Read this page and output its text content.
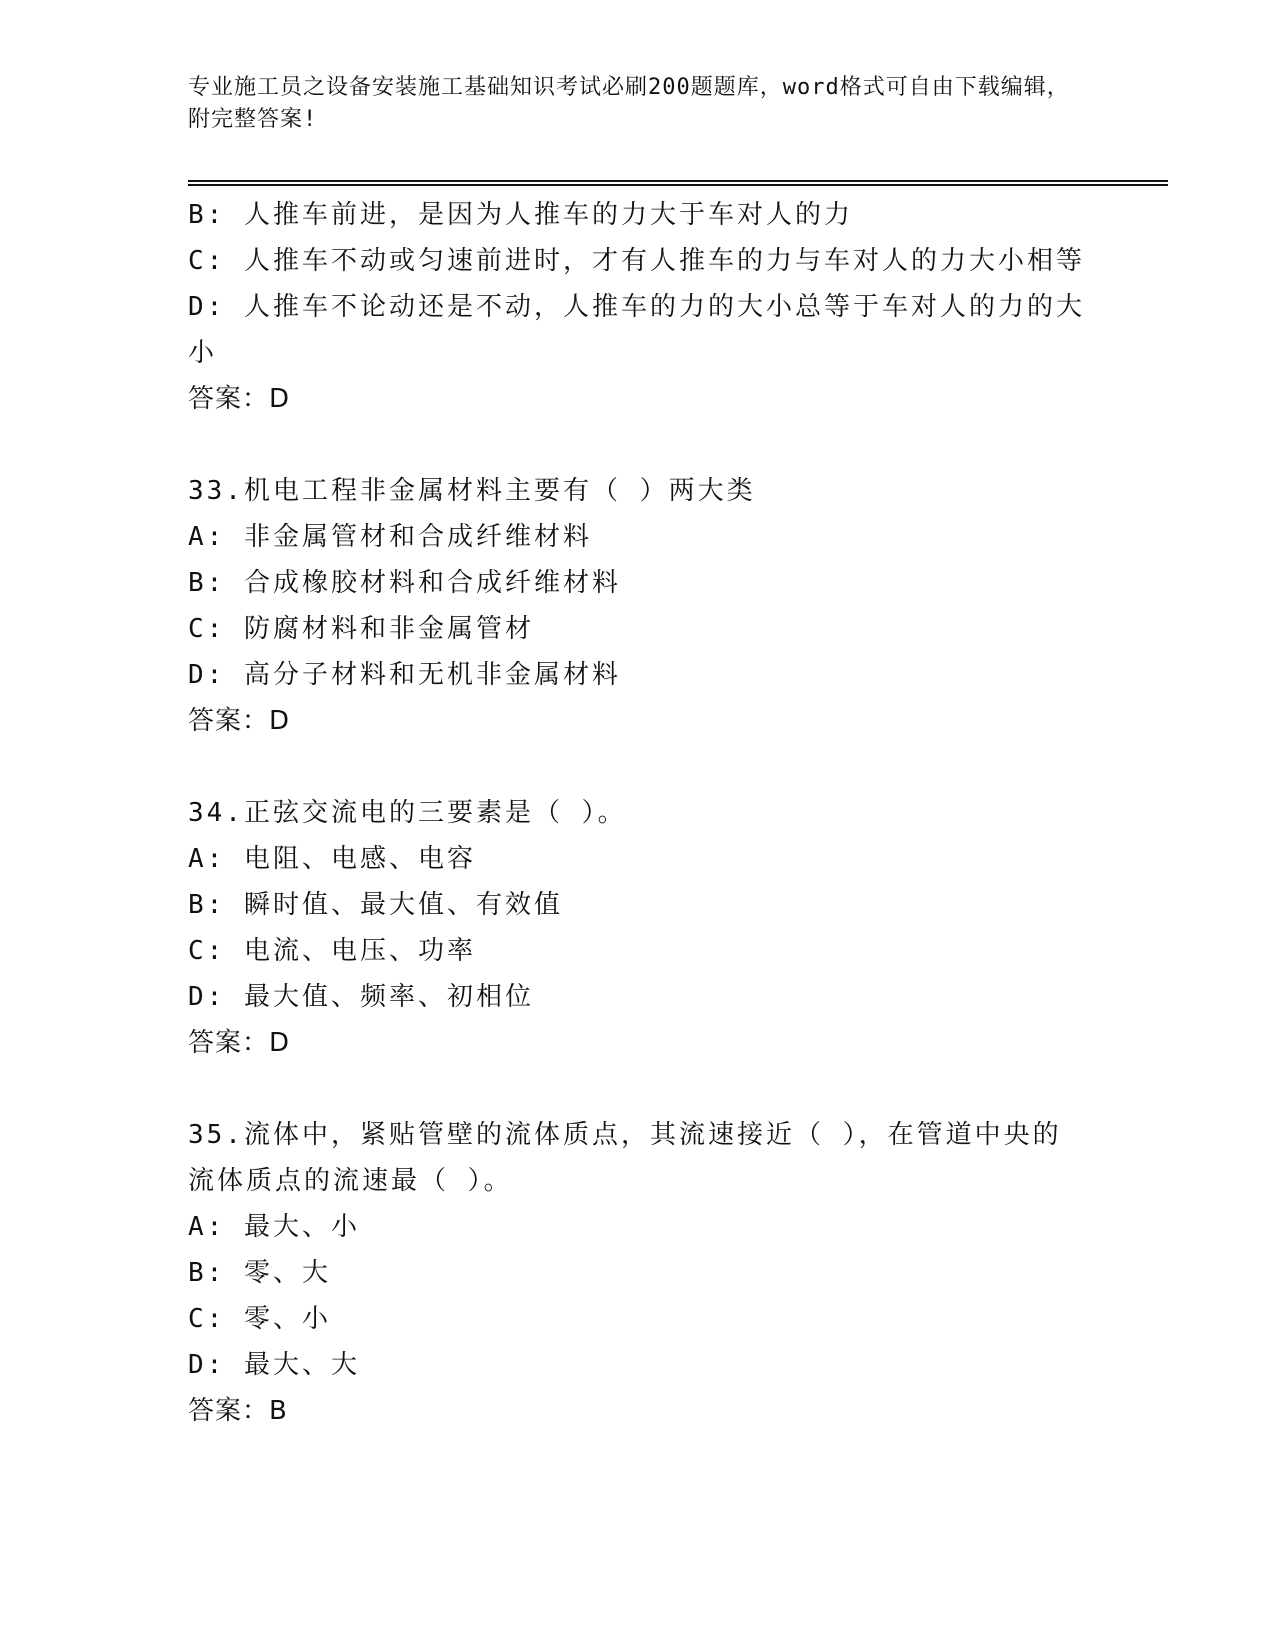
专业施工员之设备安装施工基础知识考试必刷200题题库，word格式可自由下载编辑，附完整答案!

B: 人推车前进，是因为人推车的力大于车对人的力
C: 人推车不动或匀速前进时，才有人推车的力与车对人的力大小相等
D: 人推车不论动还是不动，人推车的力的大小总等于车对人的力的大小
答案：D
33.机电工程非金属材料主要有（ ）两大类
A: 非金属管材和合成纤维材料
B: 合成橡胶材料和合成纤维材料
C: 防腐材料和非金属管材
D: 高分子材料和无机非金属材料
答案：D
34.正弦交流电的三要素是（ ）。
A: 电阻、电感、电容
B: 瞬时值、最大值、有效值
C: 电流、电压、功率
D: 最大值、频率、初相位
答案：D
35.流体中，紧贴管壁的流体质点，其流速接近（ ），在管道中央的流体质点的流速最（ ）。
A: 最大、小
B: 零、大
C: 零、小
D: 最大、大
答案：B
